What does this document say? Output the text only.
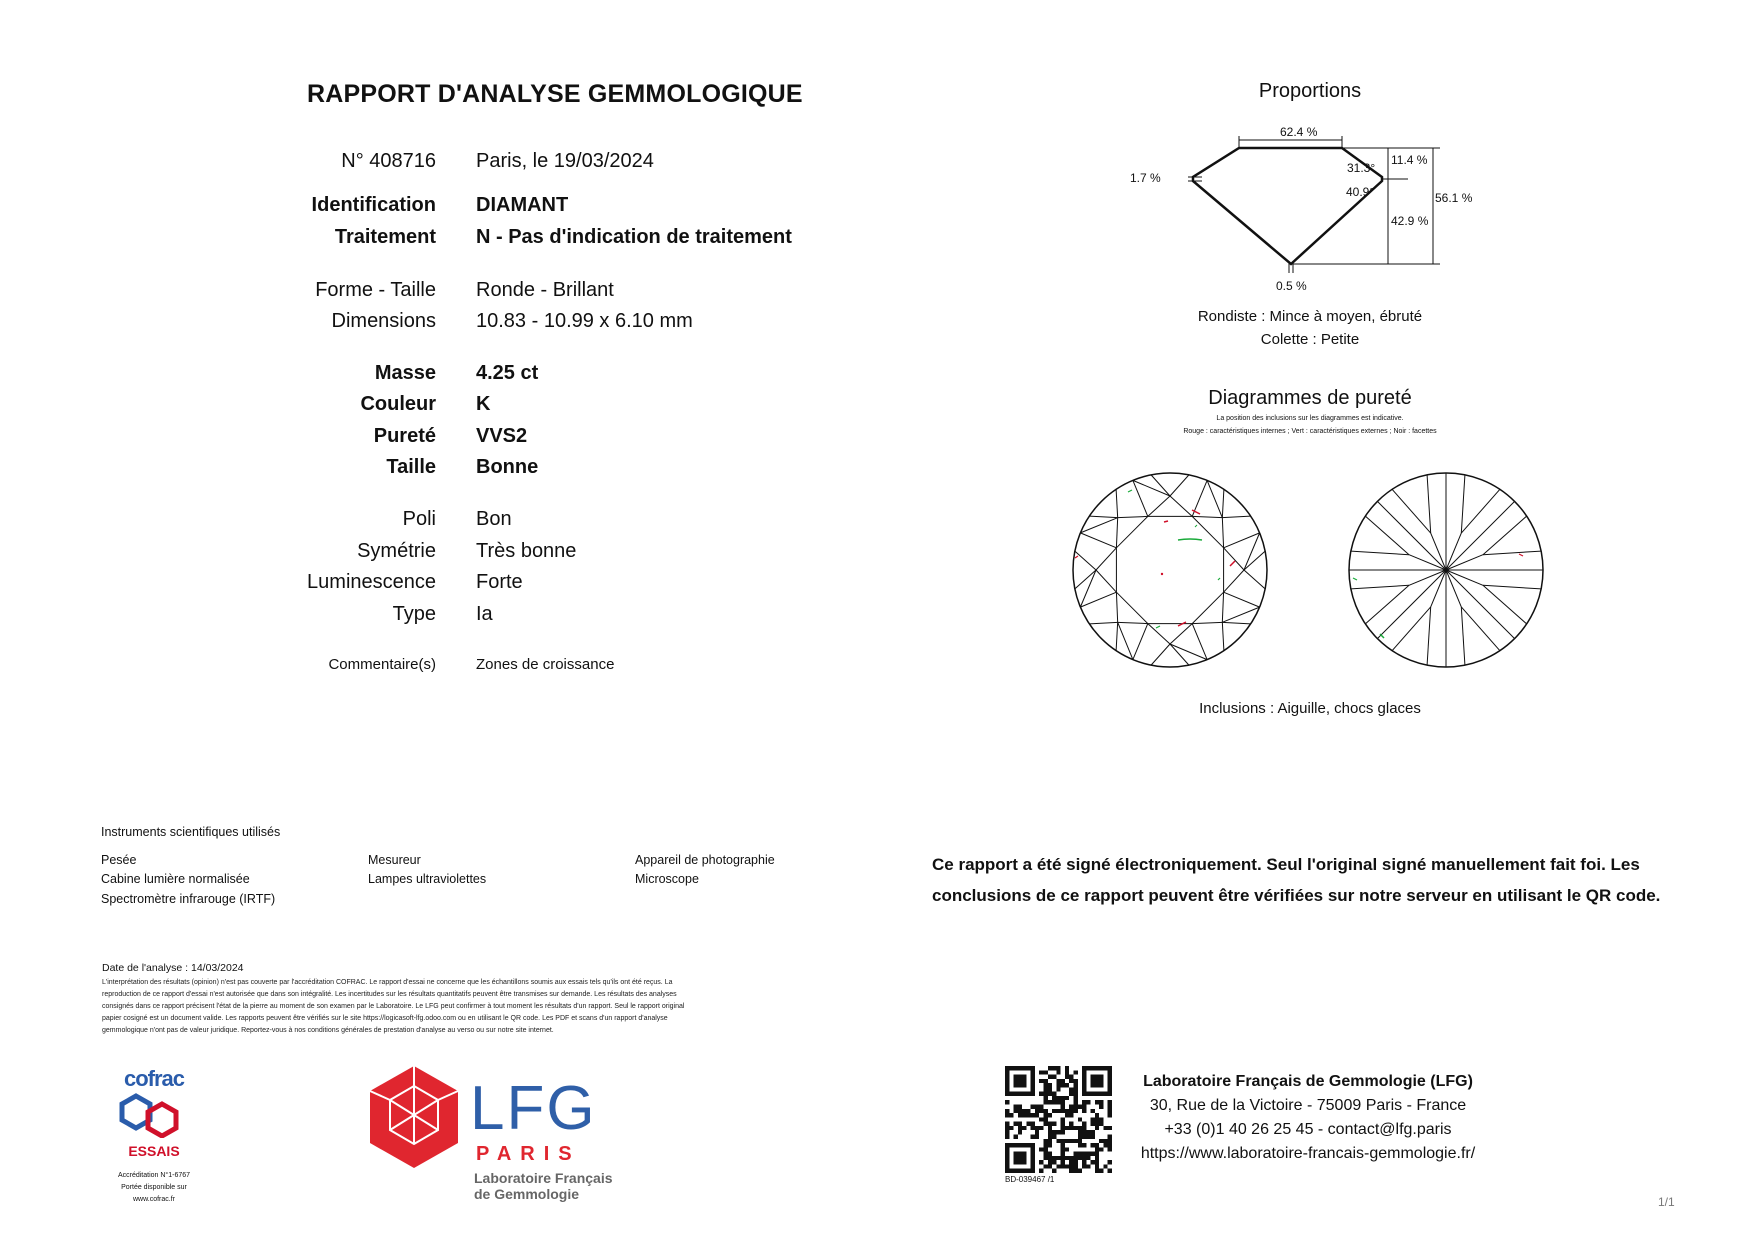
RAPPORT D'ANALYSE GEMMOLOGIQUE
N° 408716 Paris, le 19/03/2024
Identification DIAMANT
Traitement N - Pas d'indication de traitement
Forme - Taille Ronde - Brillant
Dimensions 10.83 - 10.99 x 6.10 mm
Masse 4.25 ct
Couleur K
Pureté VVS2
Taille Bonne
Poli Bon
Symétrie Très bonne
Luminescence Forte
Type Ia
Commentaire(s)	Zones de croissance
Proportions
62.4 %
1.7 %
31.3°
40.9°
11.4 %
42.9 %
56.1 %
0.5 %
Rondiste : Mince à moyen, ébruté
Colette : Petite
Diagrammes de pureté
La position des inclusions sur les diagrammes est indicative.
Rouge : caractéristiques internes ; Vert : caractéristiques externes ; Noir : facettes
Inclusions : Aiguille, chocs glaces
Instruments scientifiques utilisés
Pesée
Cabine lumière normalisée
Spectromètre infrarouge (IRTF)
Mesureur
Lampes ultraviolettes
Appareil de photographie
Microscope
Ce rapport a été signé électroniquement. Seul l'original signé manuellement fait foi. Les
conclusions de ce rapport peuvent être vérifiées sur notre serveur en utilisant le QR code.
Date de l'analyse : 14/03/2024
L'interprétation des résultats (opinion) n'est pas couverte par l'accréditation COFRAC. Le rapport d'essai ne concerne que les échantillons soumis aux essais tels qu'ils ont été reçus. La
reproduction de ce rapport d'essai n'est autorisée que dans son intégralité. Les incertitudes sur les résultats quantitatifs peuvent être transmises sur demande. Les résultats des analyses
consignés dans ce rapport précisent l'état de la pierre au moment de son examen par le Laboratoire. Le LFG peut confirmer à tout moment les résultats d'un rapport. Seul le rapport original
papier cosigné est un document valide. Les rapports peuvent être vérifiés sur le site https://logicasoft-lfg.odoo.com ou en utilisant le QR code. Les PDF et scans d'un rapport d'analyse
gemmologique n'ont pas de valeur juridique. Reportez-vous à nos conditions générales de prestation d'analyse au verso ou sur notre site internet.
cofrac
ESSAIS
Accréditation N°1-6767
Portée disponible sur
www.cofrac.fr
LFG
PARIS
Laboratoire Français
de Gemmologie
BD-039467 /1
Laboratoire Français de Gemmologie (LFG)
30, Rue de la Victoire - 75009 Paris - France
+33 (0)1 40 26 25 45 - contact@lfg.paris
https://www.laboratoire-francais-gemmologie.fr/
1/1
